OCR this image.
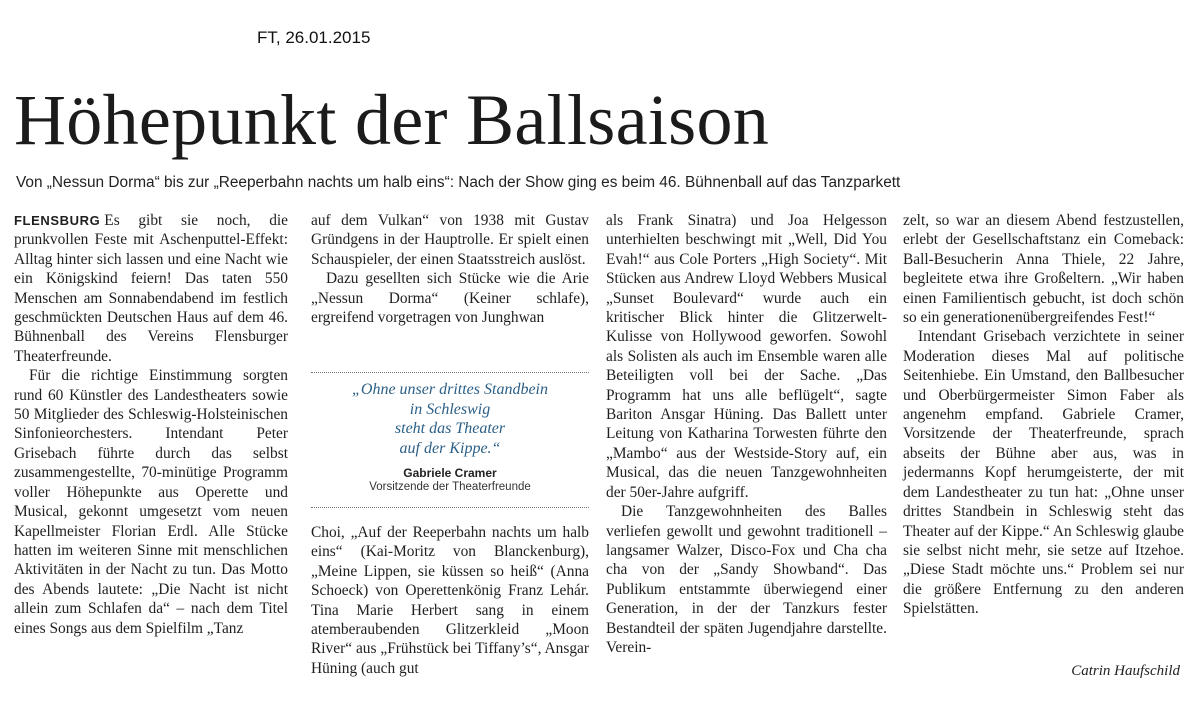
FT, 26.01.2015
Höhepunkt der Ballsaison

Von „Nessun Dorma“ bis zur „Reeperbahn nachts um halb eins“: Nach der Show ging es beim 46. Bühnenball auf das Tanzparkett

FLENSBURG Es gibt sie noch, die prunkvollen Feste mit Aschenputtel-Effekt: Alltag hinter sich lassen und eine Nacht wie ein Königskind feiern! Das taten 550 Menschen am Sonnabendabend im festlich geschmückten Deutschen Haus auf dem 46. Bühnenball des Vereins Flensburger Theaterfreunde.

Für die richtige Einstimmung sorgten rund 60 Künstler des Landestheaters sowie 50 Mitglieder des Schleswig-Holsteinischen Sinfonieorchesters. Intendant Peter Grisebach führte durch das selbst zusammengestellte, 70-minütige Programm voller Höhepunkte aus Operette und Musical, gekonnt umgesetzt vom neuen Kapellmeister Florian Erdl. Alle Stücke hatten im weiteren Sinne mit menschlichen Aktivitäten in der Nacht zu tun. Das Motto des Abends lautete: „Die Nacht ist nicht allein zum Schlafen da“ – nach dem Titel eines Songs aus dem Spielfilm „Tanz

auf dem Vulkan“ von 1938 mit Gustav Gründgens in der Hauptrolle. Er spielt einen Schauspieler, der einen Staatsstreich auslöst.

Dazu gesellten sich Stücke wie die Arie „Nessun Dorma“ (Keiner schlafe), ergreifend vorgetragen von Junghwan

„Ohne unser drittes Standbein
in Schleswig
steht das Theater
auf der Kippe.“

Gabriele Cramer

Vorsitzende der Theaterfreunde

Choi, „Auf der Reeperbahn nachts um halb eins“ (Kai-Moritz von Blanckenburg), „Meine Lippen, sie küssen so heiß“ (Anna Schoeck) von Operettenkönig Franz Lehár. Tina Marie Herbert sang in einem atemberaubenden Glitzerkleid „Moon River“ aus „Frühstück bei Tiffany’s“, Ansgar Hüning (auch gut

als Frank Sinatra) und Joa Helgesson unterhielten beschwingt mit „Well, Did You Evah!“ aus Cole Porters „High Society“. Mit Stücken aus Andrew Lloyd Webbers Musical „Sunset Boulevard“ wurde auch ein kritischer Blick hinter die Glitzerwelt-Kulisse von Hollywood geworfen. Sowohl als Solisten als auch im Ensemble waren alle Beteiligten voll bei der Sache. „Das Programm hat uns alle beflügelt“, sagte Bariton Ansgar Hüning. Das Ballett unter Leitung von Katharina Torwesten führte den „Mambo“ aus der Westside-Story auf, ein Musical, das die neuen Tanzgewohnheiten der 50er-Jahre aufgriff.

Die Tanzgewohnheiten des Balles verliefen gewollt und gewohnt traditionell – langsamer Walzer, Disco-Fox und Cha cha cha von der „Sandy Showband“. Das Publikum entstammte überwiegend einer Generation, in der der Tanzkurs fester Bestandteil der späten Jugendjahre darstellte. Verein-

zelt, so war an diesem Abend festzustellen, erlebt der Gesellschaftstanz ein Comeback: Ball-Besucherin Anna Thiele, 22 Jahre, begleitete etwa ihre Großeltern. „Wir haben einen Familientisch gebucht, ist doch schön so ein generationenübergreifendes Fest!“

Intendant Grisebach verzichtete in seiner Moderation dieses Mal auf politische Seitenhiebe. Ein Umstand, den Ballbesucher und Oberbürgermeister Simon Faber als angenehm empfand. Gabriele Cramer, Vorsitzende der Theaterfreunde, sprach abseits der Bühne aber aus, was in jedermanns Kopf herumgeisterte, der mit dem Landestheater zu tun hat: „Ohne unser drittes Standbein in Schleswig steht das Theater auf der Kippe.“ An Schleswig glaube sie selbst nicht mehr, sie setze auf Itzehoe. „Diese Stadt möchte uns.“ Problem sei nur die größere Entfernung zu den anderen Spielstätten.

Catrin Haufschild
